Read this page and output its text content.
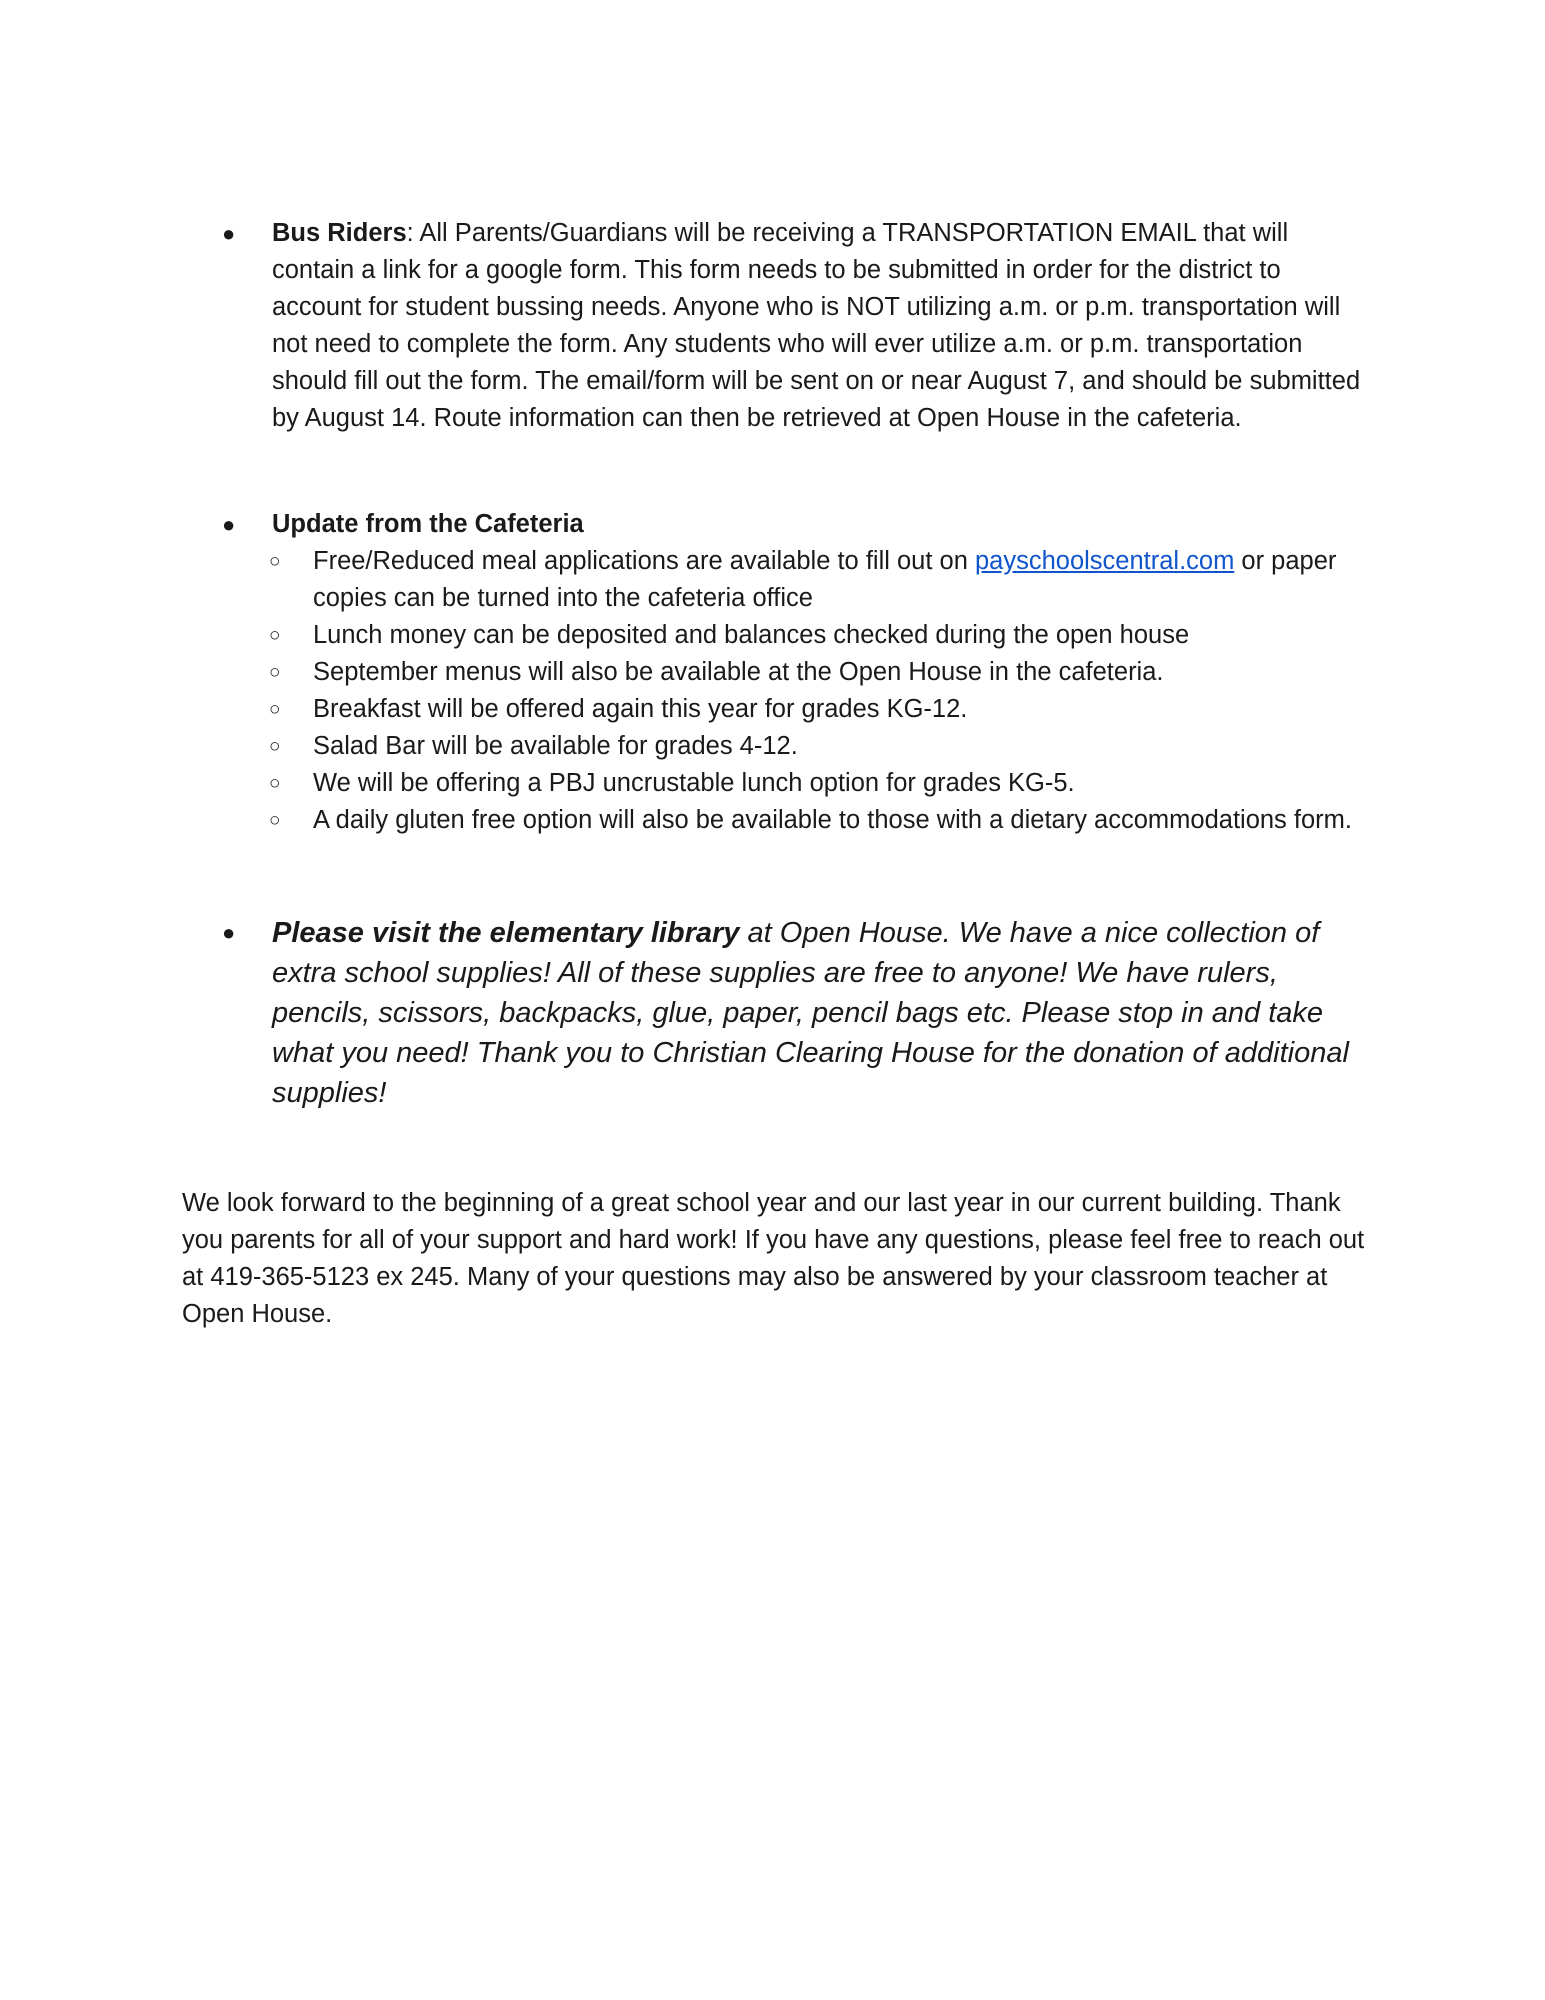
● Bus Riders: All Parents/Guardians will be receiving a TRANSPORTATION EMAIL that will contain a link for a google form. This form needs to be submitted in order for the district to account for student bussing needs. Anyone who is NOT utilizing a.m. or p.m. transportation will not need to complete the form. Any students who will ever utilize a.m. or p.m. transportation should fill out the form. The email/form will be sent on or near August 7, and should be submitted by August 14. Route information can then be retrieved at Open House in the cafeteria.
● Update from the Cafeteria
○ Free/Reduced meal applications are available to fill out on payschoolscentral.com or paper copies can be turned into the cafeteria office
○ Lunch money can be deposited and balances checked during the open house
○ September menus will also be available at the Open House in the cafeteria.
○ Breakfast will be offered again this year for grades KG-12.
○ Salad Bar will be available for grades 4-12.
○ We will be offering a PBJ uncrustable lunch option for grades KG-5.
○ A daily gluten free option will also be available to those with a dietary accommodations form.
● Please visit the elementary library at Open House. We have a nice collection of extra school supplies! All of these supplies are free to anyone! We have rulers, pencils, scissors, backpacks, glue, paper, pencil bags etc. Please stop in and take what you need! Thank you to Christian Clearing House for the donation of additional supplies!
We look forward to the beginning of a great school year and our last year in our current building. Thank you parents for all of your support and hard work! If you have any questions, please feel free to reach out at 419-365-5123 ex 245. Many of your questions may also be answered by your classroom teacher at Open House.
